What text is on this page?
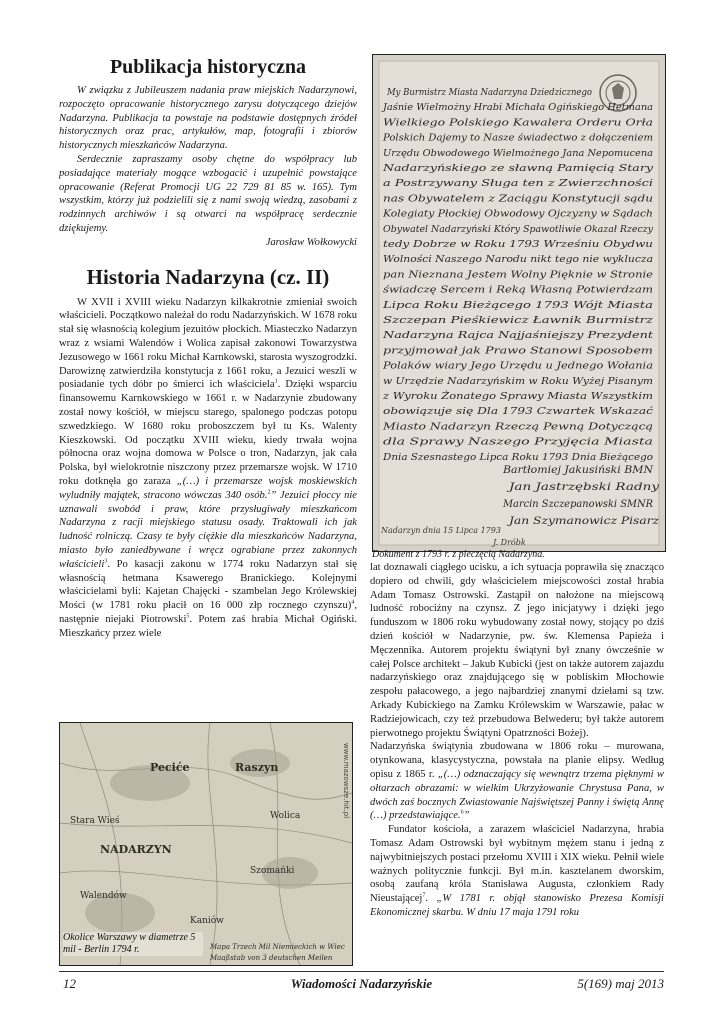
Publikacja historyczna

W związku z Jubileuszem nadania praw miejskich Nadarzynowi, rozpoczęto opracowanie historycznego zarysu dotyczącego dziejów Nadarzyna. Publikacja ta powstaje na podstawie dostępnych źródeł historycznych oraz prac, artykułów, map, fotografii i zbiorów historycznych mieszkańców Nadarzyna.

Serdecznie zapraszamy osoby chętne do współpracy lub posiadające materiały mogące wzbogacić i uzupełnić powstające opracowanie (Referat Promocji UG 22 729 81 85 w. 165). Tym wszystkim, którzy już podzielili się z nami swoją wiedzą, zasobami z rodzinnych archiwów i są otwarci na współpracę serdecznie dziękujemy.

Jarosław Wołkowycki
Historia Nadarzyna (cz. II)

W XVII i XVIII wieku Nadarzyn kilkakrotnie zmieniał swoich właścicieli. Początkowo należał do rodu Nadarzyńskich. W 1678 roku stał się własnością kolegium jezuitów płockich. Miasteczko Nadarzyn wraz z wsiami Walendów i Wolica zapisał zakonowi Towarzystwa Jezusowego w 1661 roku Michał Karnkowski, starosta wyszogrodzki. Darowiznę zatwierdziła konstytucja z 1661 roku, a Jezuici weszli w posiadanie tych dóbr po śmierci ich właściciela$^1$. Dzięki wsparciu finansowemu Karnkowskiego w 1661 r. w Nadarzynie zbudowany został nowy kościół, w miejscu starego, spalonego podczas potopu szwedzkiego. W 1680 roku proboszczem był tu Ks. Walenty Kieszkowski. Od początku XVIII wieku, kiedy trwała wojna północna oraz wojna domowa w Polsce o tron, Nadarzyn, jak cała Polska, był wielokrotnie niszczony przez przemarsze wojsk. W 1710 roku dotknęła go zaraza „(…) i przemarsze wojsk moskiewskich wyludniły majątek, stracono wówczas 340 osób.$^2$” Jezuici płoccy nie uznawali swobód i praw, które przysługiwały mieszkańcom Nadarzyna z racji miejskiego statusu osady. Traktowali ich jak ludność rolniczą. Czasy te były ciężkie dla mieszkańców Nadarzyna, miasto było zaniedbywane i wręcz ograbiane przez zakonnych właścicieli$^3$. Po kasacji zakonu w 1774 roku Nadarzyn stał się własnością hetmana Ksawerego Branickiego. Kolejnymi właścicielami byli: Kajetan Chajęcki - szambelan Jego Królewskiej Mości (w 1781 roku płacił on 16 000 złp rocznego czynszu)$^4$, następnie niejaki Piotrowski$^5$. Potem zaś hrabia Michał Ogiński. Mieszkańcy przez wiele

My Burmistrz Miasta Nadarzyna Dziedzicznego
Jaśnie Wielmożny Hrabi Michała Ogińskiego Hetmana
Wielkiego Polskiego Kawalera Orderu Orła
Polskich Dajemy to Nasze świadectwo z dołączeniem
Urzędu Obwodowego Wielmożnego Jana Nepomucena
Nadarzyńskiego ze sławną Pamięcią Stary
a Postrzywany Sługa ten z Zwierzchności
nas Obywatelem z Zaciągu Konstytucji sądu
Kolegiaty Płockiej Obwodowy Ojczyzny w Sądach
Obywatel Nadarzyński Który Spawotliwie Okazał Rzeczy
tedy Dobrze w Roku 1793 Wrześniu Obydwu
Wolności Naszego Narodu nikt tego nie wyklucza
pan Nieznana Jestem Wolny Pięknie w Stronie
świadczę Sercem i Reką Własną Potwierdzam
Lipca Roku Bieżącego 1793 Wójt Miasta
Szczepan Pieśkiewicz Ławnik Burmistrz
Nadarzyna Rajca Najjaśniejszy Prezydent
przyjmował jak Prawo Stanowi Sposobem
Polaków wiary Jego Urzędu u Jednego Wołania
w Urzędzie Nadarzyńskim w Roku Wyżej Pisanym
z Wyroku Żonatego Sprawy Miasta Wszystkim
obowiązuje się Dla 1793 Czwartek Wskazać
Miasto Nadarzyn Rzeczą Pewną Dotyczącą
dla Sprawy Naszego Przyjęcia Miasta
Dnia Szesnastego Lipca Roku 1793 Dnia Bieżącego
Bartłomiej Jakusiński BMN
Jan Jastrzębski Radny
Marcin Szczepanowski SMNR
Jan Szymanowicz Pisarz
Nadarzyn dnia 15 Lipca 1793
J. Dróbk
Dokument z 1793 r. z pieczęcią Nadarzyna.

lat doznawali ciągłego ucisku, a ich sytuacja poprawiła się znacząco dopiero od chwili, gdy właścicielem miejscowości został hrabia Adam Tomasz Ostrowski. Zastąpił on nałożone na miejscową ludność robociźny na czynsz. Z jego inicjatywy i dzięki jego funduszom w 1806 roku wybudowany został nowy, stojący po dziś dzień kościół w Nadarzynie, pw. św. Klemensa Papieża i Męczennika. Autorem projektu świątyni był znany ówcześnie w całej Polsce architekt – Jakub Kubicki (jest on także autorem zajazdu nadarzyńskiego oraz znajdującego się w pobliskim Młochowie zespołu pałacowego, a jego najbardziej znanymi dziełami są tzw. Arkady Kubickiego na Zamku Królewskim w Warszawie, pałac w Radziejowicach, czy też przebudowa Belwederu; był także autorem pierwotnego projektu Świątyni Opatrzności Bożej).

Nadarzyńska świątynia zbudowana w 1806 roku – murowana, otynkowana, klasycystyczna, powstała na planie elipsy. Według opisu z 1865 r. „(…) odznaczający się wewnątrz trzema pięknymi w ołtarzach obrazami: w wielkim Ukrzyżowanie Chrystusa Pana, w dwóch zaś bocznych Zwiastowanie Najświętszej Panny i świętą Annę (…) przedstawiające.$^6$”

Fundator kościoła, a zarazem właściciel Nadarzyna, hrabia Tomasz Adam Ostrowski był wybitnym mężem stanu i jedną z najwybitniejszych postaci przełomu XVIII i XIX wieku. Pełnił wiele ważnych politycznie funkcji. Był m.in. kasztelanem dworskim, osobą zaufaną króla Stanisława Augusta, członkiem Rady Nieustającej$^7$. „W 1781 r. objął stanowisko Prezesa Komisji Ekonomicznej skarbu. W dniu 17 maja 1791 roku

Peciće	Raszyn
NADARZYN
Walendów
Wolica
Szomańki
Stara Wieś
Kaniów
www.mazowsze.hit.pl
Mapa Trzech Mil Niemieckich w Wiec
Maaßstab von 3 deutschen Meilen
Okolice Warszawy w diametrze 5 mil - Berlin 1794 r.
12	Wiadomości Nadarzyńskie	5(169) maj 2013
